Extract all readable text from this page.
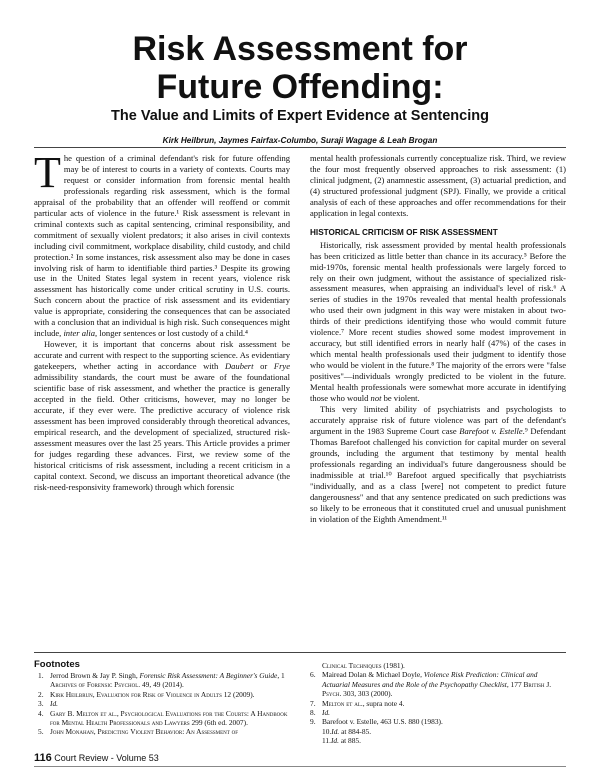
Risk Assessment for
Future Offending:
The Value and Limits of Expert Evidence at Sentencing
Kirk Heilbrun, Jaymes Fairfax-Columbo, Suraji Wagage & Leah Brogan

The question of a criminal defendant's risk for future offending may be of interest to courts in a variety of contexts. Courts may request or consider information from forensic mental health professionals regarding risk assessment, which is the formal appraisal of the probability that an offender will reoffend or commit particular acts of violence in the future.¹ Risk assessment is relevant in criminal contexts such as capital sentencing, criminal responsibility, and commitment of sexually violent predators; it also arises in civil contexts including civil commitment, workplace disability, child custody, and child protection.² In some instances, risk assessment also may be done in cases involving risk of harm to identifiable third parties.³ Despite its growing use in the United States legal system in recent years, violence risk assessment has historically come under critical scrutiny in U.S. courts. Such concern about the practice of risk assessment and its evidentiary value is appropriate, considering the consequences that can be associated with a conclusion that an individual is high risk. Such consequences might include, inter alia, longer sentences or lost custody of a child.⁴

However, it is important that concerns about risk assessment be accurate and current with respect to the supporting science. As evidentiary gatekeepers, whether acting in accordance with Daubert or Frye admissibility standards, the court must be aware of the foundational scientific base of risk assessment, and whether the practice is generally accepted in the field. Other criticisms, however, may no longer be accurate, if they ever were. The predictive accuracy of violence risk assessment has been improved considerably through theoretical advances, empirical research, and the development of specialized, structured risk-assessment measures over the last 25 years. This Article provides a primer for judges regarding these advances. First, we review some of the historical criticisms of risk assessment, including a recent criticism in a capital context. Second, we discuss an important theoretical advance (the risk-need-responsivity framework) through which forensic

mental health professionals currently conceptualize risk. Third, we review the four most frequently observed approaches to risk assessment: (1) clinical judgment, (2) anamnestic assessment, (3) actuarial prediction, and (4) structured professional judgment (SPJ). Finally, we provide a critical analysis of each of these approaches and offer recommendations for their application in legal contexts.

HISTORICAL CRITICISM OF RISK ASSESSMENT

Historically, risk assessment provided by mental health professionals has been criticized as little better than chance in its accuracy.⁵ Before the mid-1970s, forensic mental health professionals were largely forced to rely on their own judgment, without the assistance of specialized risk-assessment measures, when appraising an individual's level of risk.⁶ A series of studies in the 1970s revealed that mental health professionals who used their own judgment in this way were mistaken in about two-thirds of their predictions identifying those who would commit future violence.⁷ More recent studies showed some modest improvement in accuracy, but still identified errors in nearly half (47%) of the cases in which mental health professionals used their judgment to identify those who would be violent in the future.⁸ The majority of the errors were "false positives"—individuals wrongly predicted to be violent in the future. Mental health professionals were somewhat more accurate in identifying those who would not be violent.

This very limited ability of psychiatrists and psychologists to accurately appraise risk of future violence was part of the defendant's argument in the 1983 Supreme Court case Barefoot v. Estelle.⁹ Defendant Thomas Barefoot challenged his conviction for capital murder on several grounds, including the argument that testimony by mental health professionals regarding an individual's future dangerousness should be inadmissible at trial.¹⁰ Barefoot argued specifically that psychiatrists "individually, and as a class [were] not competent to predict future dangerousness" and that any sentence predicated on such predictions was so likely to be erroneous that it constituted cruel and unusual punishment in violation of the Eighth Amendment.¹¹

Footnotes
1. Jerrod Brown & Jay P. Singh, Forensic Risk Assessment: A Beginner's Guide, 1 Archives of Forensic Psychol. 49, 49 (2014).
2. Kirk Heilbrun, Evaluation for Risk of Violence in Adults 12 (2009).
3. Id.
4. Gary B. Melton et al., Psychological Evaluations for the Courts: A Handbook for Mental Health Professionals and Lawyers 299 (6th ed. 2007).
5. John Monahan, Predicting Violent Behavior: An Assessment of
Clinical Techniques (1981).
6. Mairead Dolan & Michael Doyle, Violence Risk Prediction: Clinical and Actuarial Measures and the Role of the Psychopathy Checklist, 177 British J. Psych. 303, 303 (2000).
7. Melton et al., supra note 4.
8. Id.
9. Barefoot v. Estelle, 463 U.S. 880 (1983).
10.Id. at 884-85.
11.Id. at 885.
116 Court Review - Volume 53
